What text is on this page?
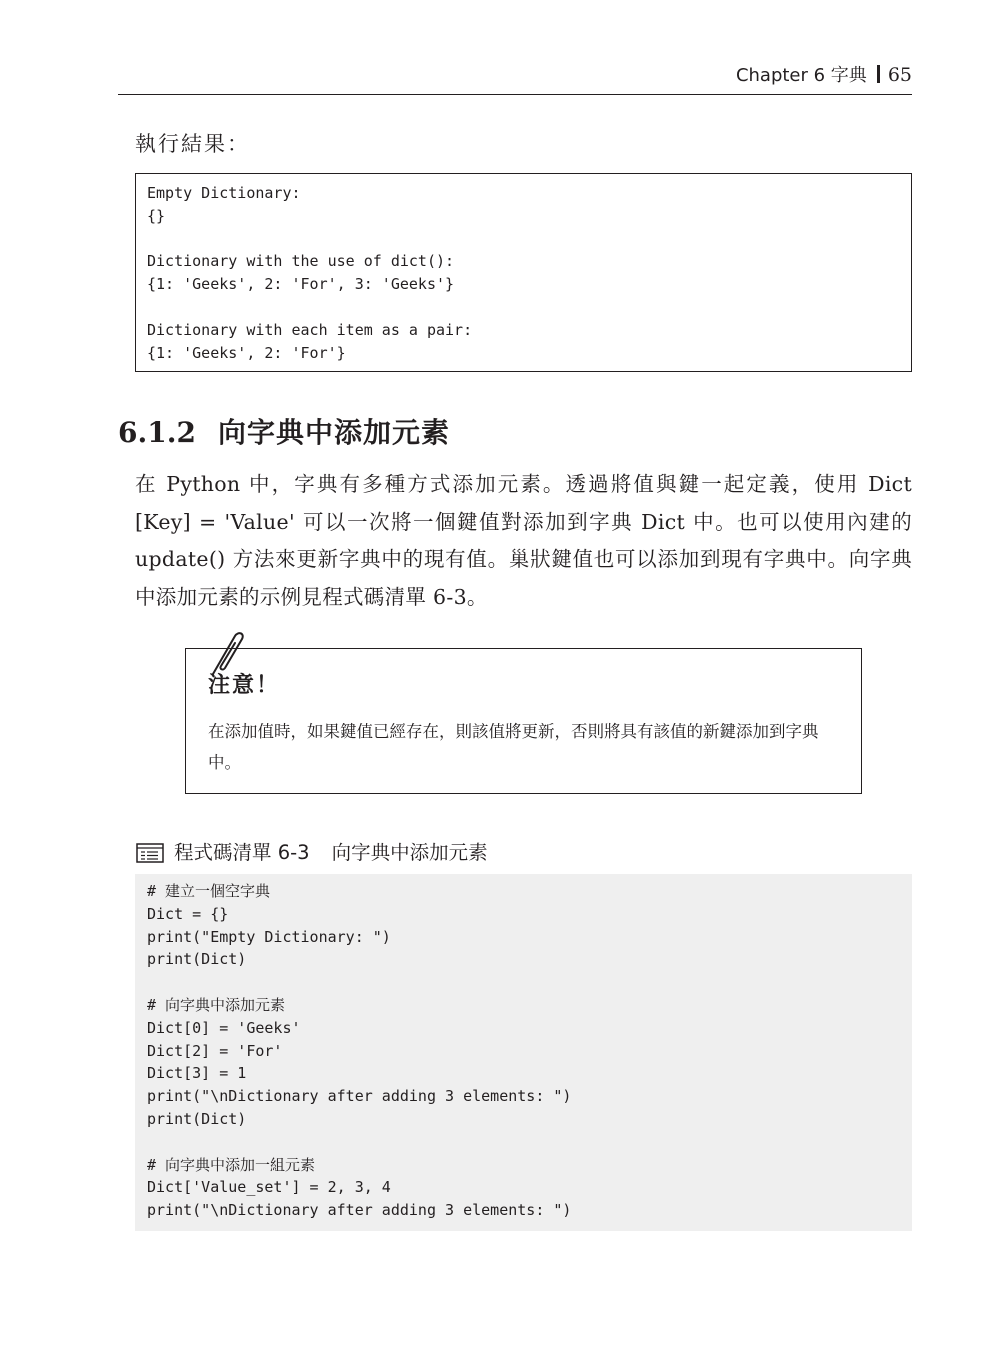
Chapter 6 字典 65
執行結果：
Empty Dictionary:
{}
Dictionary with the use of dict():
{1: 'Geeks', 2: 'For', 3: 'Geeks'}
Dictionary with each item as a pair:
{1: 'Geeks', 2: 'For'}
6.1.2 向字典中添加元素
在 Python 中，字典有多種方式添加元素。透過將值與鍵一起定義，使用 Dict [Key] = 'Value' 可以一次將一個鍵值對添加到字典 Dict 中。也可以使用內建的 update() 方法來更新字典中的現有值。巢狀鍵值也可以添加到現有字典中。向字典中添加元素的示例見程式碼清單 6-3。
注意！
在添加值時，如果鍵值已經存在，則該值將更新，否則將具有該值的新鍵添加到字典中。
程式碼清單 6-3 向字典中添加元素
# 建立一個空字典
Dict = {}
print("Empty Dictionary: ")
print(Dict)
# 向字典中添加元素
Dict[0] = 'Geeks'
Dict[2] = 'For'
Dict[3] = 1
print("\nDictionary after adding 3 elements: ")
print(Dict)
# 向字典中添加一組元素
Dict['Value_set'] = 2, 3, 4
print("\nDictionary after adding 3 elements: ")
